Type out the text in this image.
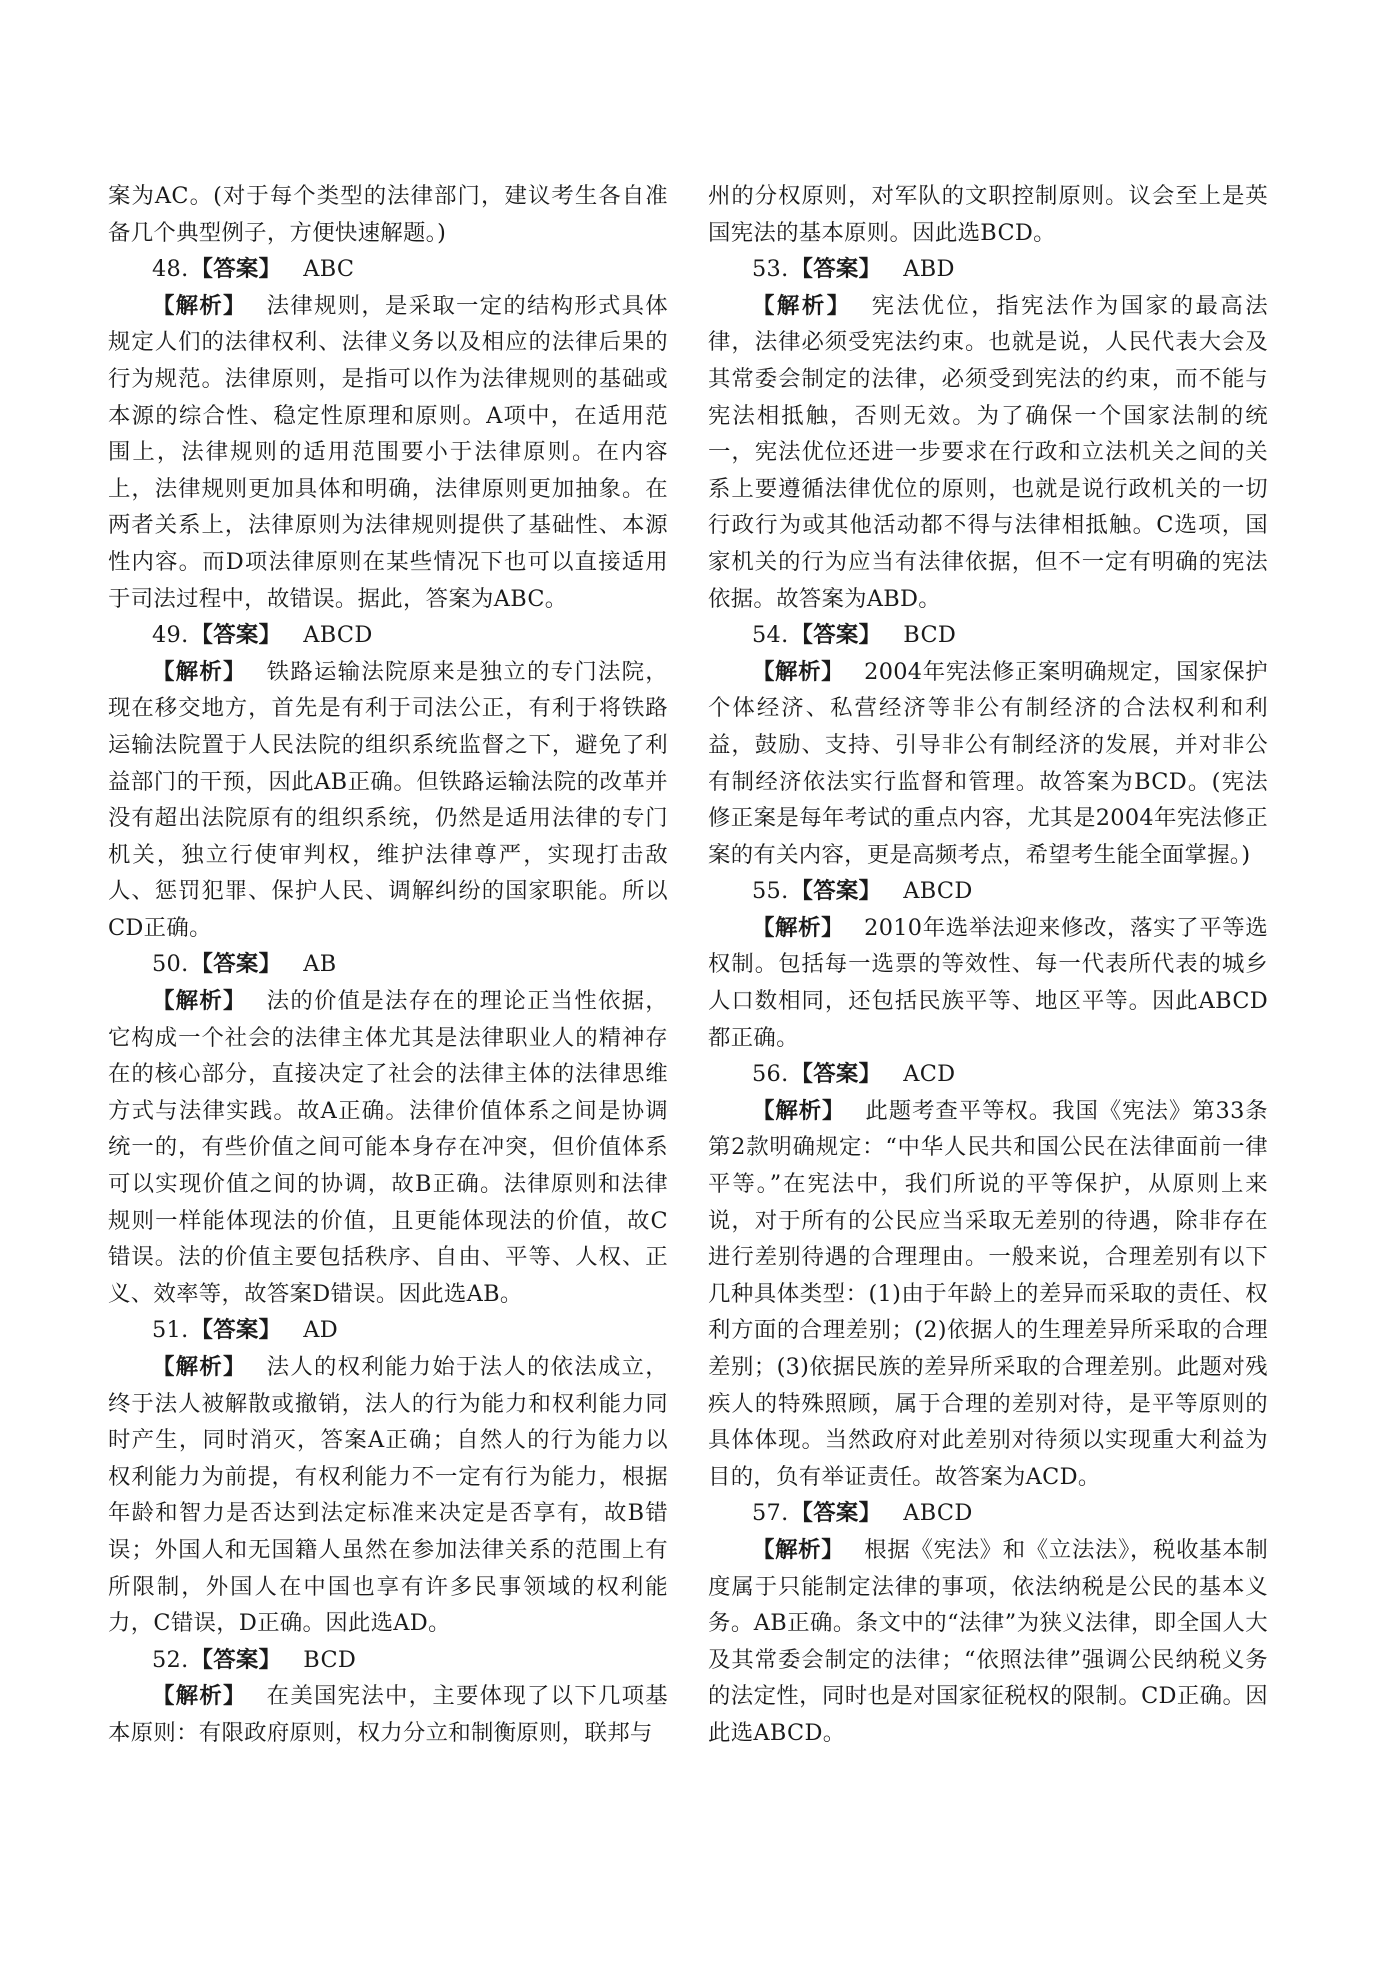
案为AC。(对于每个类型的法律部门，建议考生各自准备几个典型例子，方便快速解题。)

48.【答案】 ABC

【解析】 法律规则，是采取一定的结构形式具体规定人们的法律权利、法律义务以及相应的法律后果的行为规范。法律原则，是指可以作为法律规则的基础或本源的综合性、稳定性原理和原则。A项中，在适用范围上，法律规则的适用范围要小于法律原则。在内容上，法律规则更加具体和明确，法律原则更加抽象。在两者关系上，法律原则为法律规则提供了基础性、本源性内容。而D项法律原则在某些情况下也可以直接适用于司法过程中，故错误。据此，答案为ABC。

49.【答案】 ABCD

【解析】 铁路运输法院原来是独立的专门法院，现在移交地方，首先是有利于司法公正，有利于将铁路运输法院置于人民法院的组织系统监督之下，避免了利益部门的干预，因此AB正确。但铁路运输法院的改革并没有超出法院原有的组织系统，仍然是适用法律的专门机关，独立行使审判权，维护法律尊严，实现打击敌人、惩罚犯罪、保护人民、调解纠纷的国家职能。所以CD正确。

50.【答案】 AB

【解析】 法的价值是法存在的理论正当性依据，它构成一个社会的法律主体尤其是法律职业人的精神存在的核心部分，直接决定了社会的法律主体的法律思维方式与法律实践。故A正确。法律价值体系之间是协调统一的，有些价值之间可能本身存在冲突，但价值体系可以实现价值之间的协调，故B正确。法律原则和法律规则一样能体现法的价值，且更能体现法的价值，故C错误。法的价值主要包括秩序、自由、平等、人权、正义、效率等，故答案D错误。因此选AB。

51.【答案】 AD

【解析】 法人的权利能力始于法人的依法成立，终于法人被解散或撤销，法人的行为能力和权利能力同时产生，同时消灭，答案A正确；自然人的行为能力以权利能力为前提，有权利能力不一定有行为能力，根据年龄和智力是否达到法定标准来决定是否享有，故B错误；外国人和无国籍人虽然在参加法律关系的范围上有所限制，外国人在中国也享有许多民事领域的权利能力，C错误，D正确。因此选AD。

52.【答案】 BCD

【解析】 在美国宪法中，主要体现了以下几项基本原则：有限政府原则，权力分立和制衡原则，联邦与

州的分权原则，对军队的文职控制原则。议会至上是英国宪法的基本原则。因此选BCD。

53.【答案】 ABD

【解析】 宪法优位，指宪法作为国家的最高法律，法律必须受宪法约束。也就是说，人民代表大会及其常委会制定的法律，必须受到宪法的约束，而不能与宪法相抵触，否则无效。为了确保一个国家法制的统一，宪法优位还进一步要求在行政和立法机关之间的关系上要遵循法律优位的原则，也就是说行政机关的一切行政行为或其他活动都不得与法律相抵触。C选项，国家机关的行为应当有法律依据，但不一定有明确的宪法依据。故答案为ABD。

54.【答案】 BCD

【解析】 2004年宪法修正案明确规定，国家保护个体经济、私营经济等非公有制经济的合法权利和利益，鼓励、支持、引导非公有制经济的发展，并对非公有制经济依法实行监督和管理。故答案为BCD。(宪法修正案是每年考试的重点内容，尤其是2004年宪法修正案的有关内容，更是高频考点，希望考生能全面掌握。)

55.【答案】 ABCD

【解析】 2010年选举法迎来修改，落实了平等选权制。包括每一选票的等效性、每一代表所代表的城乡人口数相同，还包括民族平等、地区平等。因此ABCD都正确。

56.【答案】 ACD

【解析】 此题考查平等权。我国《宪法》第33条第2款明确规定：“中华人民共和国公民在法律面前一律平等。”在宪法中，我们所说的平等保护，从原则上来说，对于所有的公民应当采取无差别的待遇，除非存在进行差别待遇的合理理由。一般来说，合理差别有以下几种具体类型：(1)由于年龄上的差异而采取的责任、权利方面的合理差别；(2)依据人的生理差异所采取的合理差别；(3)依据民族的差异所采取的合理差别。此题对残疾人的特殊照顾，属于合理的差别对待，是平等原则的具体体现。当然政府对此差别对待须以实现重大利益为目的，负有举证责任。故答案为ACD。

57.【答案】 ABCD

【解析】 根据《宪法》和《立法法》，税收基本制度属于只能制定法律的事项，依法纳税是公民的基本义务。AB正确。条文中的“法律”为狭义法律，即全国人大及其常委会制定的法律；“依照法律”强调公民纳税义务的法定性，同时也是对国家征税权的限制。CD正确。因此选ABCD。
